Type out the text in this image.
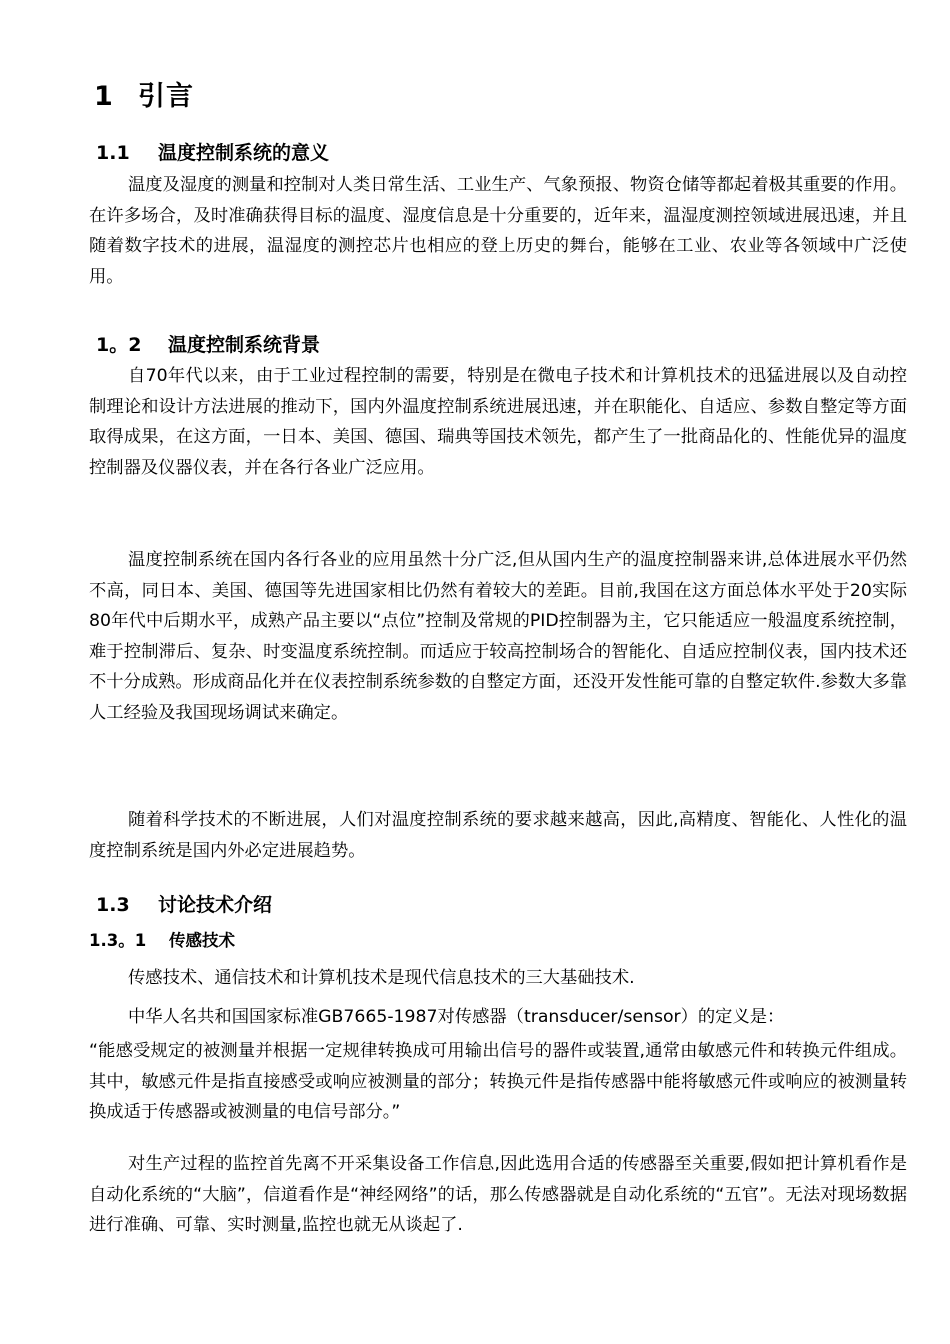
1 引言
1.1 温度控制系统的意义

温度及湿度的测量和控制对人类日常生活、工业生产、气象预报、物资仓储等都起着极其重要的作用。在许多场合，及时准确获得目标的温度、湿度信息是十分重要的，近年来，温湿度测控领域进展迅速，并且随着数字技术的进展，温湿度的测控芯片也相应的登上历史的舞台，能够在工业、农业等各领域中广泛使用。

1。2 温度控制系统背景

自70年代以来，由于工业过程控制的需要，特别是在微电子技术和计算机技术的迅猛进展以及自动控制理论和设计方法进展的推动下，国内外温度控制系统进展迅速，并在职能化、自适应、参数自整定等方面取得成果，在这方面，一日本、美国、德国、瑞典等国技术领先，都产生了一批商品化的、性能优异的温度控制器及仪器仪表，并在各行各业广泛应用。

温度控制系统在国内各行各业的应用虽然十分广泛,但从国内生产的温度控制器来讲,总体进展水平仍然不高，同日本、美国、德国等先进国家相比仍然有着较大的差距。目前,我国在这方面总体水平处于20实际80年代中后期水平，成熟产品主要以“点位”控制及常规的PID控制器为主，它只能适应一般温度系统控制，难于控制滞后、复杂、时变温度系统控制。而适应于较高控制场合的智能化、自适应控制仪表，国内技术还不十分成熟。形成商品化并在仪表控制系统参数的自整定方面，还没开发性能可靠的自整定软件.参数大多靠人工经验及我国现场调试来确定。

随着科学技术的不断进展，人们对温度控制系统的要求越来越高，因此,高精度、智能化、人性化的温度控制系统是国内外必定进展趋势。

1.3 讨论技术介绍
1.3。1 传感技术

传感技术、通信技术和计算机技术是现代信息技术的三大基础技术.

中华人名共和国国家标准GB7665-1987对传感器（transducer/sensor）的定义是：

“能感受规定的被测量并根据一定规律转换成可用输出信号的器件或装置,通常由敏感元件和转换元件组成。其中，敏感元件是指直接感受或响应被测量的部分；转换元件是指传感器中能将敏感元件或响应的被测量转换成适于传感器或被测量的电信号部分。”

对生产过程的监控首先离不开采集设备工作信息,因此选用合适的传感器至关重要,假如把计算机看作是自动化系统的“大脑”，信道看作是“神经网络”的话，那么传感器就是自动化系统的“五官”。无法对现场数据进行准确、可靠、实时测量,监控也就无从谈起了.
